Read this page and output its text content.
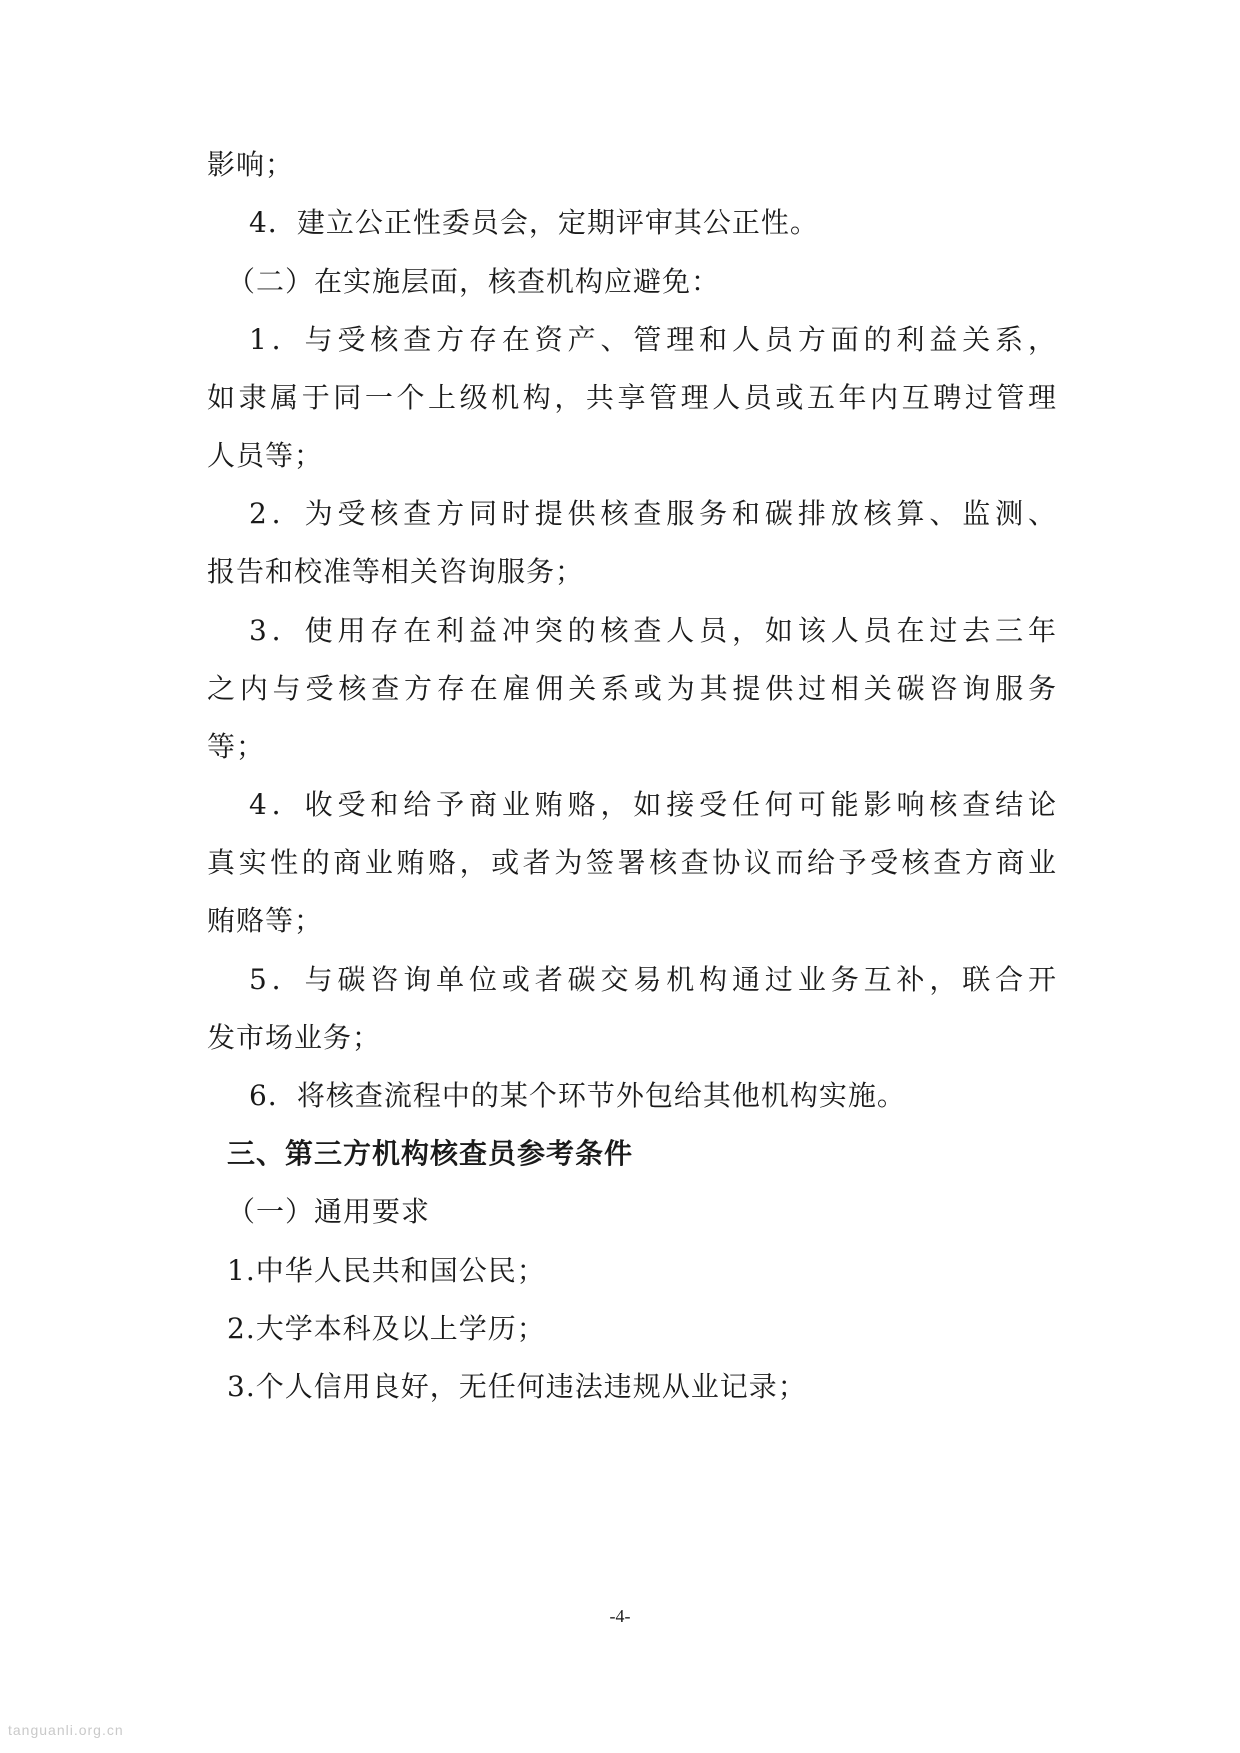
影响；
4．建立公正性委员会，定期评审其公正性。
（二）在实施层面，核查机构应避免：
1．与受核查方存在资产、管理和人员方面的利益关系，
如隶属于同一个上级机构，共享管理人员或五年内互聘过管理
人员等；
2．为受核查方同时提供核查服务和碳排放核算、监测、
报告和校准等相关咨询服务；
3．使用存在利益冲突的核查人员，如该人员在过去三年
之内与受核查方存在雇佣关系或为其提供过相关碳咨询服务
等；
4．收受和给予商业贿赂，如接受任何可能影响核查结论
真实性的商业贿赂，或者为签署核查协议而给予受核查方商业
贿赂等；
5．与碳咨询单位或者碳交易机构通过业务互补，联合开
发市场业务；
6．将核查流程中的某个环节外包给其他机构实施。
三、第三方机构核查员参考条件
（一）通用要求
1.中华人民共和国公民；
2.大学本科及以上学历；
3.个人信用良好，无任何违法违规从业记录；
-4-
tanguanli.org.cn
